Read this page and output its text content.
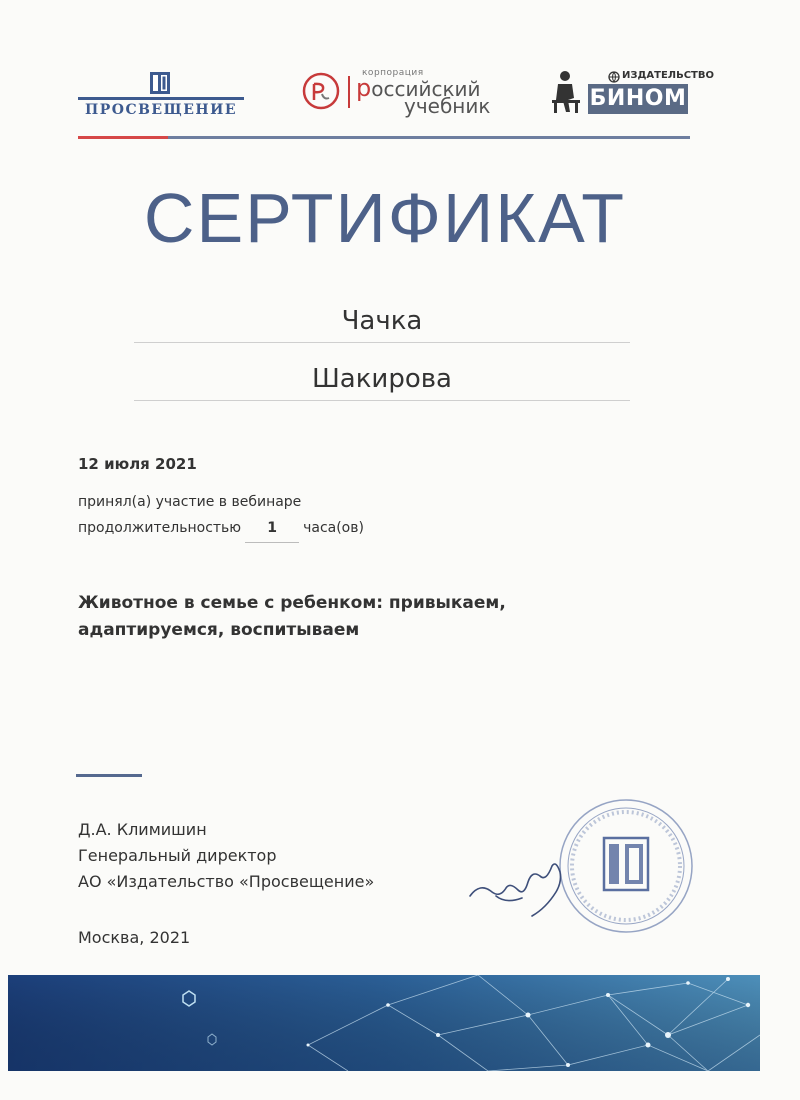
ПРОСВЕЩЕНИЕ
корпорация
российский
учебник
ИЗДАТЕЛЬСТВО
БИНОМ
СЕРТИФИКАТ
Чачка
Шакирова
12 июля 2021
принял(а) участие в вебинаре
продолжительностью 1 часа(ов)
Животное в семье с ребенком: привыкаем,
адаптируемся, воспитываем
Д.А. Климишин
Генеральный директор
АО «Издательство «Просвещение»
Москва, 2021
